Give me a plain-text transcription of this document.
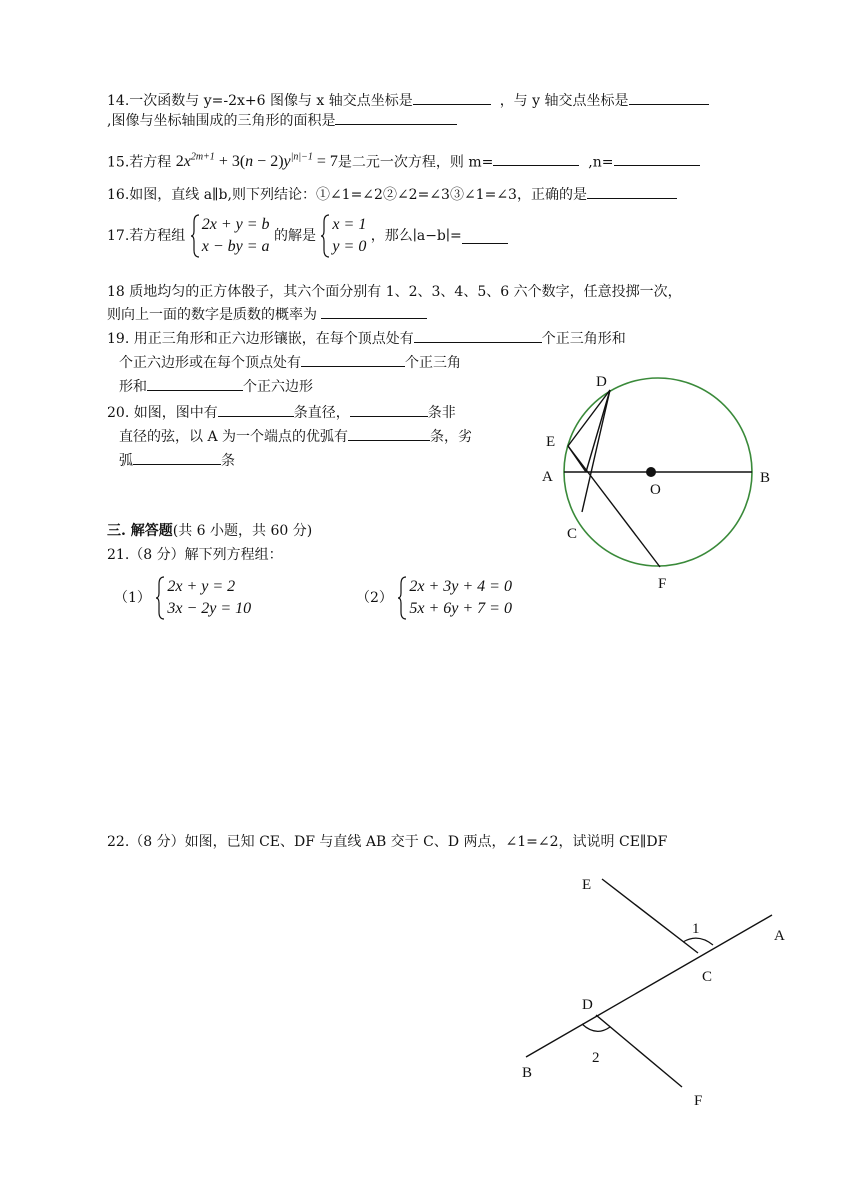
14.一次函数与 y=-2x+6 图像与 x 轴交点坐标是	，与 y 轴交点坐标是
,图像与坐标轴围成的三角形的面积是
15.若方程 $2x^{2m+1} + 3(n - 2)y^{|n|-1} = 7$是二元一次方程，则 m=	,n=
16.如图，直线 a∥b,则下列结论：①∠1=∠2②∠2=∠3③∠1=∠3，正确的是
17.若方程组
2x + y = b
x − by = a
的解是
x = 1
y = 0
，那么∣a−b∣=
18 质地均匀的正方体骰子，其六个面分别有 1、2、3、4、5、6 六个数字，任意投掷一次，
则向上一面的数字是质数的概率为
19. 用正三角形和正六边形镶嵌，在每个顶点处有	个正三角形和
个正六边形或在每个顶点处有	个正三角
形和	个正六边形
20. 如图，图中有	条直径，	条非
直径的弦，以 A 为一个端点的优弧有	条，劣
弧	条
D
E
A	B
O
C
F
三. 解答题(共 6 小题，共 60 分)
21.（8 分）解下列方程组：
（1）
2x + y = 2
3x − 2y = 10
（2）
2x + 3y + 4 = 0
5x + 6y + 7 = 0
22.（8 分）如图，已知 CE、DF 与直线 AB 交于 C、D 两点，∠1=∠2，试说明 CE∥DF
E
1	A
C
D
2
B
F
